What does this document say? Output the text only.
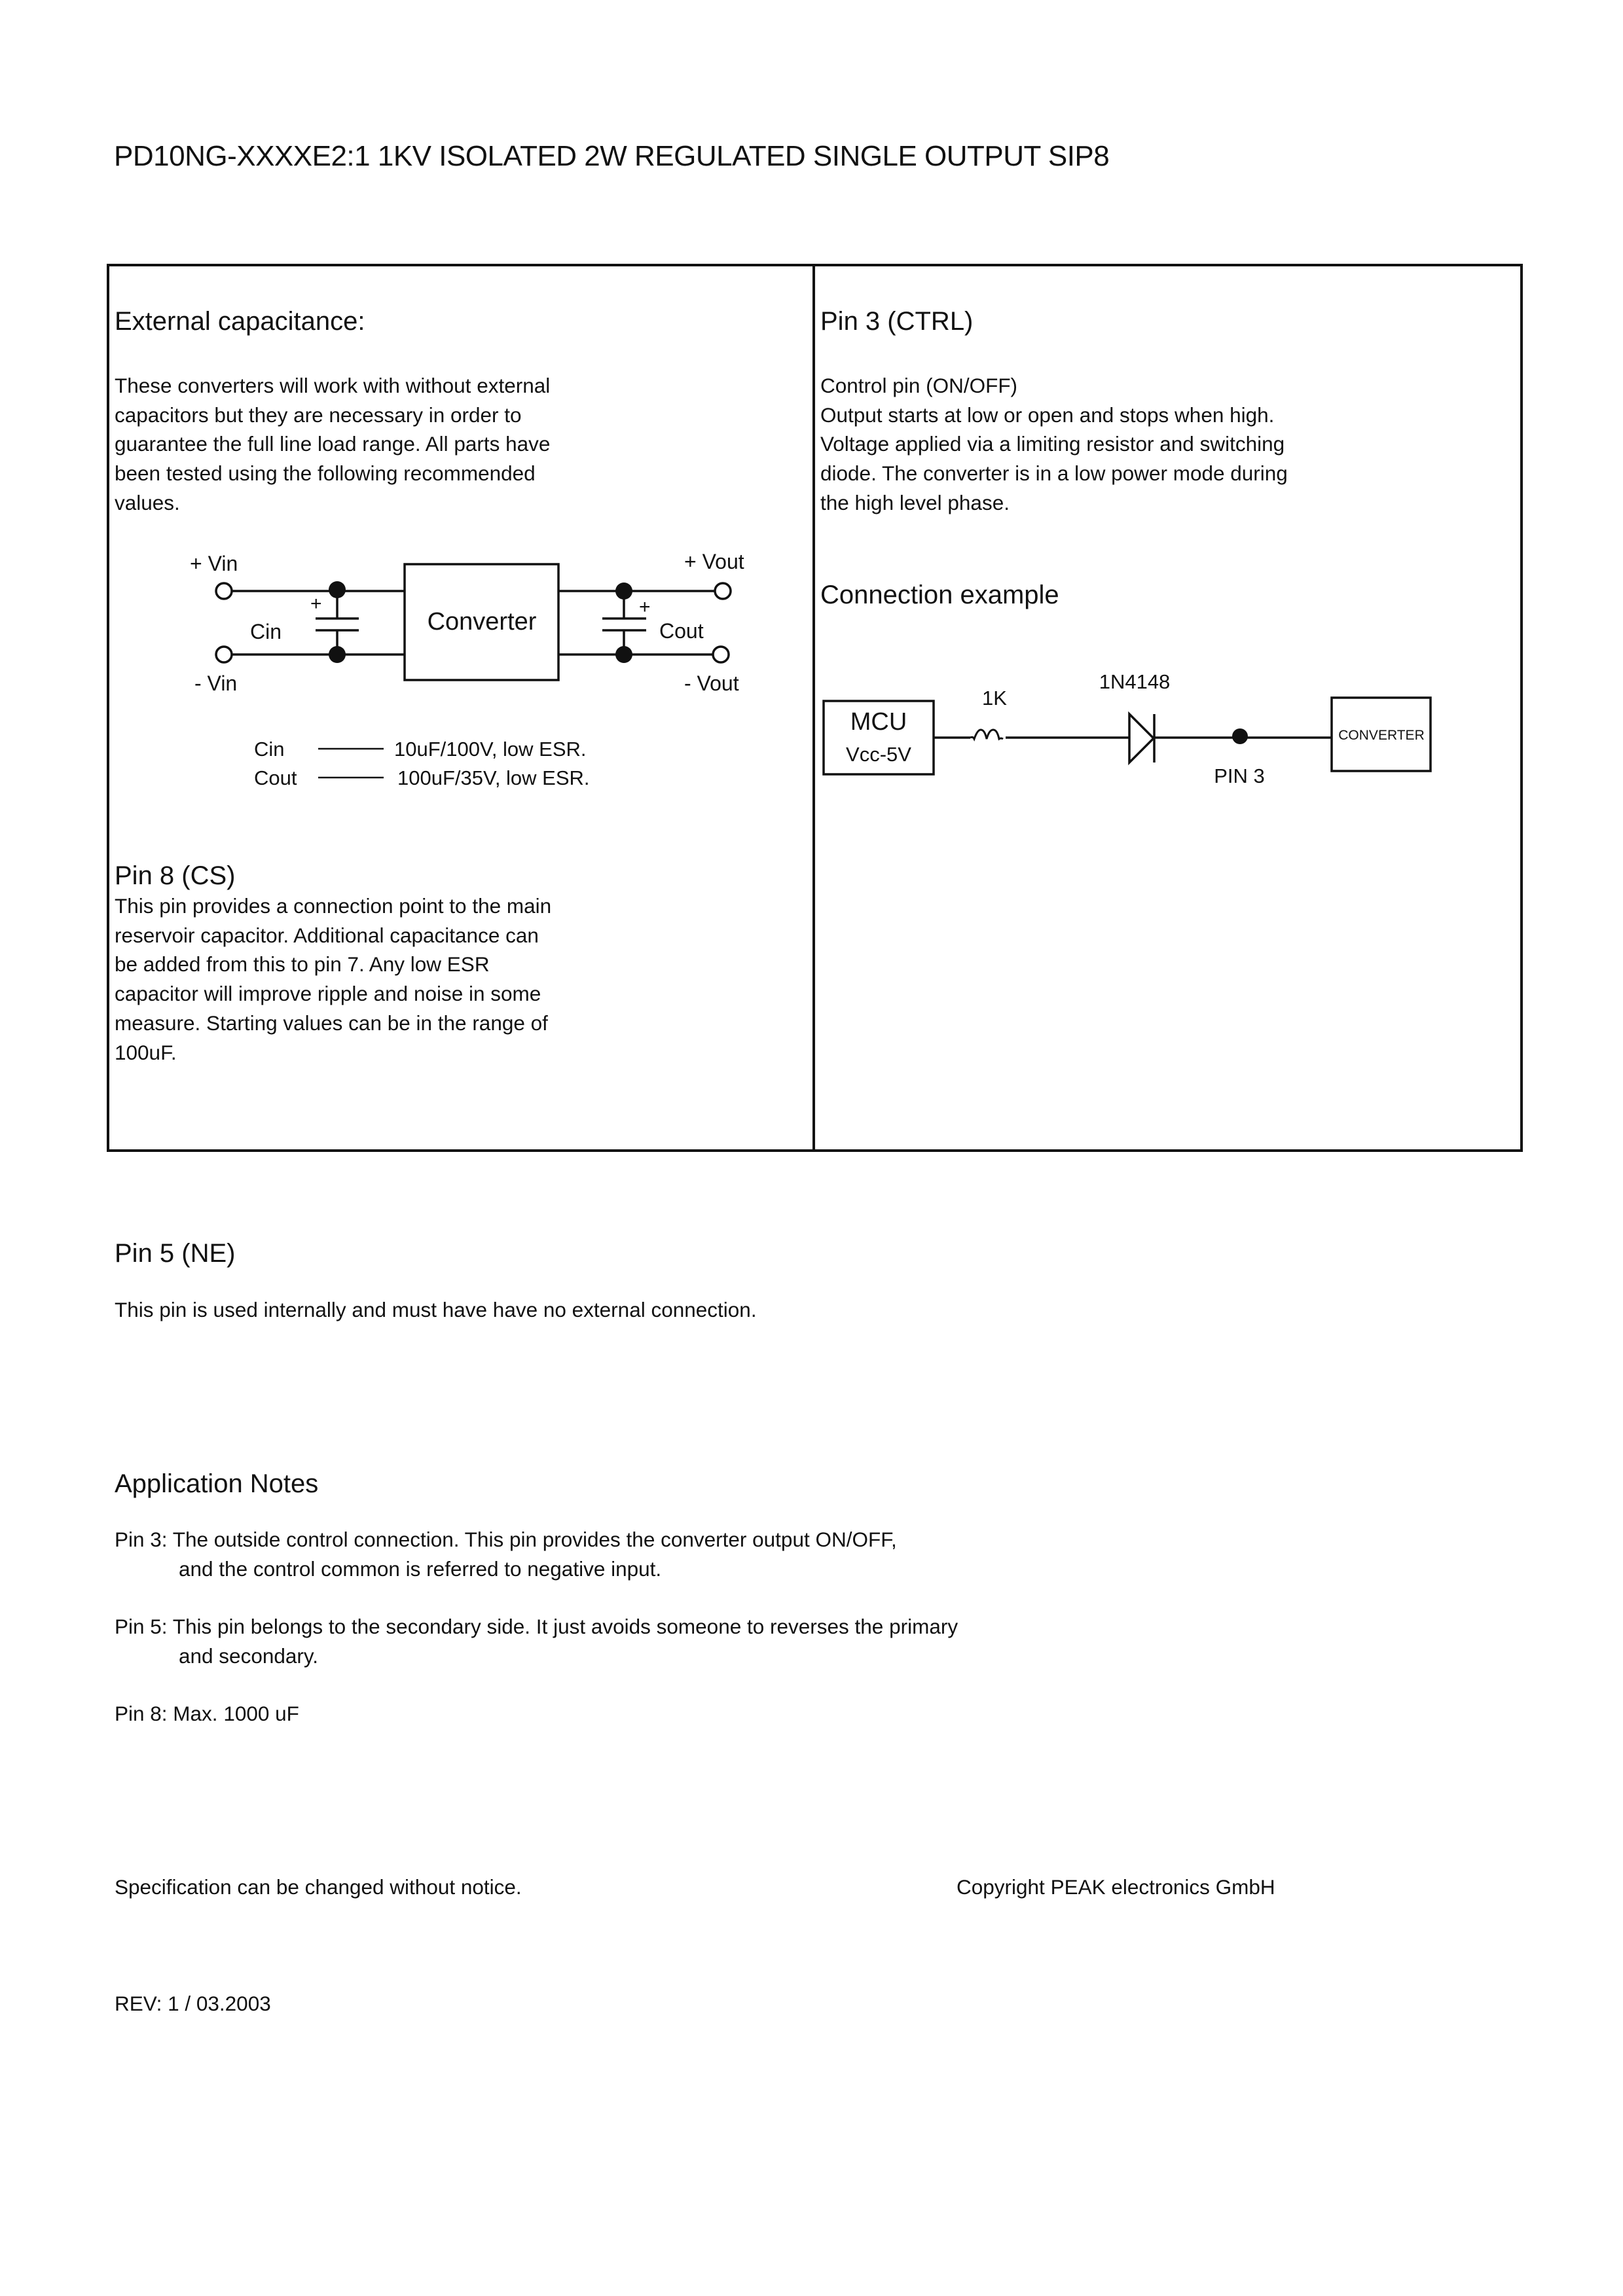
PD10NG-XXXXE2:1 1KV ISOLATED 2W REGULATED SINGLE OUTPUT SIP8
External capacitance:
These converters will work with without external
capacitors but they are necessary in order to
guarantee the full line load range. All parts have
been tested using the following recommended
values.
+	+
+ Vin
- Vin
+ Vout
- Vout
Cin	Cout
Converter
Cin	10uF/100V, low ESR.
Cout	100uF/35V, low ESR.
MCU
Vcc-5V
1K
1N4148
PIN 3
CONVERTER
Pin 8 (CS)
This pin provides a connection point to the main
reservoir capacitor. Additional capacitance can
be added from this to pin 7. Any low ESR
capacitor will improve ripple and noise in some
measure. Starting values can be in the range of
100uF.
Pin 3 (CTRL)
Control pin (ON/OFF)
Output starts at low or open and stops when high.
Voltage applied via a limiting resistor and switching
diode. The converter is in a low power mode during
the high level phase.
Connection example
Pin 5 (NE)
This pin is used internally and must have have no external connection.
Application Notes
Pin 3: The outside control connection. This pin provides the converter output ON/OFF,
and the control common is referred to negative input.
Pin 5: This pin belongs to the secondary side. It just avoids someone to reverses the primary
and secondary.
Pin 8: Max. 1000 uF
Specification can be changed without notice.	Copyright PEAK electronics GmbH
REV: 1 / 03.2003
